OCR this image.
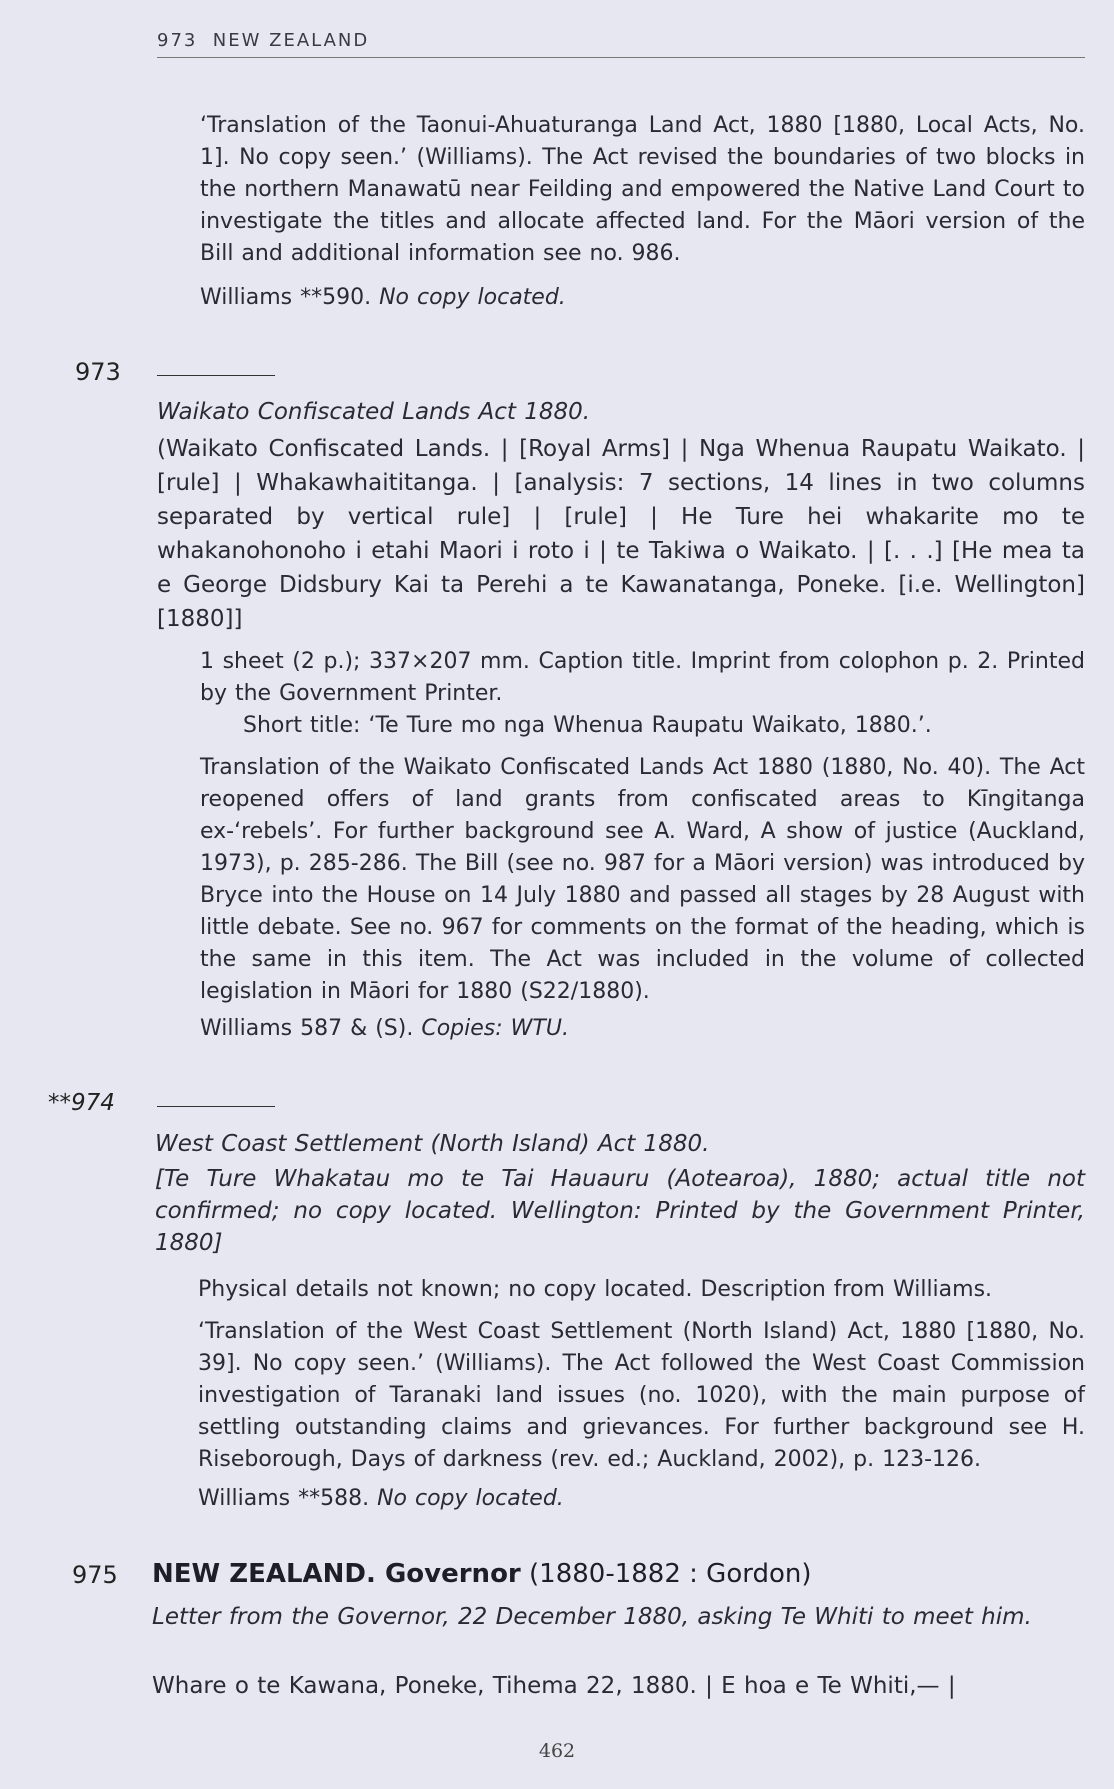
973  NEW ZEALAND

‘Translation of the Taonui-Ahuaturanga Land Act, 1880 [1880, Local Acts, No. 1]. No copy seen.’ (Williams). The Act revised the boundaries of two blocks in the northern Manawatū near Feilding and empowered the Native Land Court to investigate the titles and allocate affected land. For the Māori version of the Bill and additional information see no. 986.

Williams **590. No copy located.
973
Waikato Confiscated Lands Act 1880.

(Waikato Confiscated Lands. | [Royal Arms] | Nga Whenua Raupatu Waikato. | [rule] | Whakawhaititanga. | [analysis: 7 sections, 14 lines in two columns separated by vertical rule] | [rule] | He Ture hei whakarite mo te whakanohonoho i etahi Maori i roto i | te Takiwa o Waikato. | [. . .] [He mea ta e George Didsbury Kai ta Perehi a te Kawanatanga, Poneke. [i.e. Wellington] [1880]]

1 sheet (2 p.); 337×207 mm. Caption title. Imprint from colophon p. 2. Printed by the Government Printer.

Short title: ‘Te Ture mo nga Whenua Raupatu Waikato, 1880.’.

Translation of the Waikato Confiscated Lands Act 1880 (1880, No. 40). The Act reopened offers of land grants from confiscated areas to Kīngitanga ex-‘rebels’. For further background see A. Ward, A show of justice (Auckland, 1973), p. 285-286. The Bill (see no. 987 for a Māori version) was introduced by Bryce into the House on 14 July 1880 and passed all stages by 28 August with little debate. See no. 967 for comments on the format of the heading, which is the same in this item. The Act was included in the volume of collected legislation in Māori for 1880 (S22/1880).

Williams 587 & (S). Copies: WTU.
**974
West Coast Settlement (North Island) Act 1880.

[Te Ture Whakatau mo te Tai Hauauru (Aotearoa), 1880; actual title not confirmed; no copy located. Wellington: Printed by the Government Printer, 1880]

Physical details not known; no copy located. Description from Williams.

‘Translation of the West Coast Settlement (North Island) Act, 1880 [1880, No. 39]. No copy seen.’ (Williams). The Act followed the West Coast Commission investigation of Taranaki land issues (no. 1020), with the main purpose of settling outstanding claims and grievances. For further background see H. Riseborough, Days of darkness (rev. ed.; Auckland, 2002), p. 123-126.

Williams **588. No copy located.
975 NEW ZEALAND. Governor (1880-1882 : Gordon)

Letter from the Governor, 22 December 1880, asking Te Whiti to meet him.

Whare o te Kawana, Poneke, Tihema 22, 1880. | E hoa e Te Whiti,— |
462
